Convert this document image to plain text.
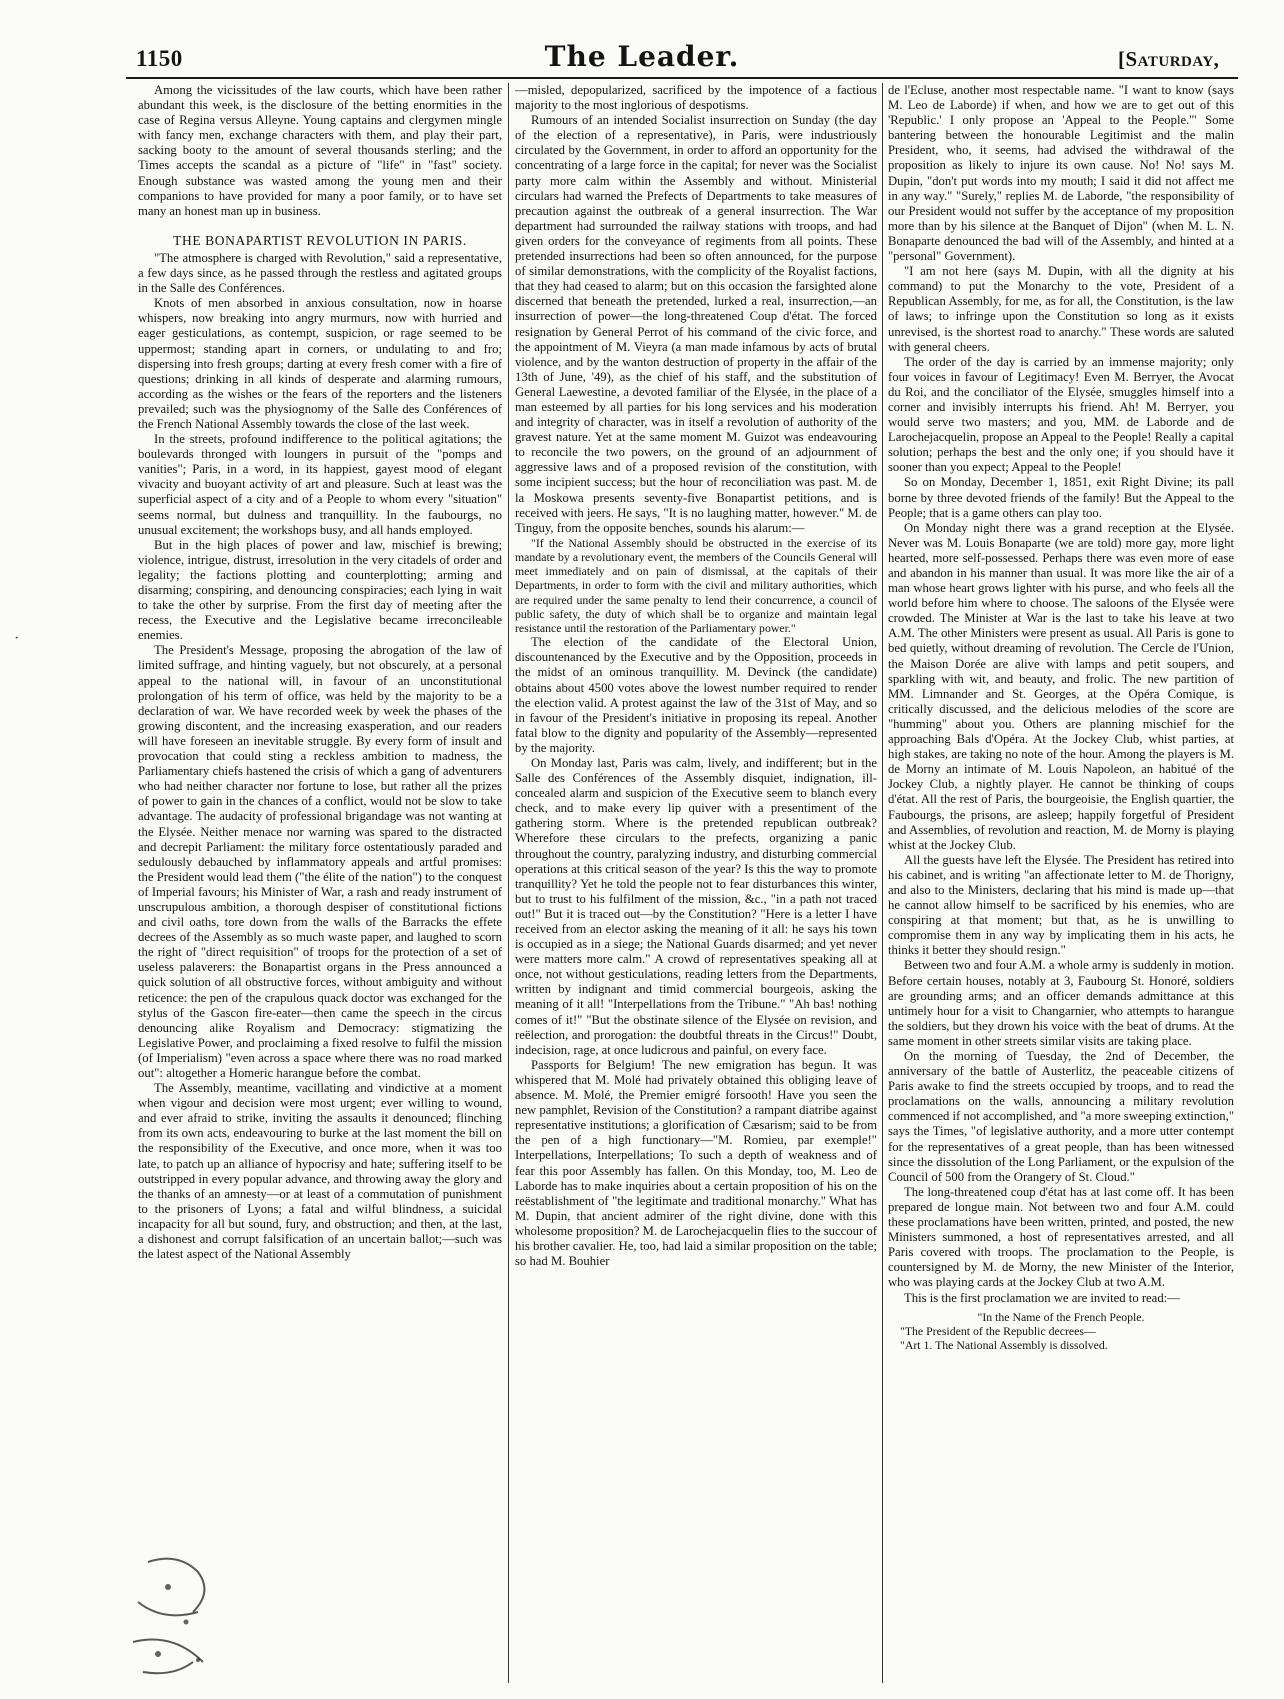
1150	The Leader.	[Saturday,
·

Among the vicissitudes of the law courts, which have been rather abundant this week, is the disclosure of the betting enormities in the case of Regina versus Alleyne. Young captains and clergymen mingle with fancy men, exchange characters with them, and play their part, sacking booty to the amount of several thousands sterling; and the Times accepts the scandal as a picture of "life" in "fast" society. Enough substance was wasted among the young men and their companions to have provided for many a poor family, or to have set many an honest man up in business.

THE BONAPARTIST REVOLUTION IN PARIS.

"The atmosphere is charged with Revolution," said a representative, a few days since, as he passed through the restless and agitated groups in the Salle des Conférences.

Knots of men absorbed in anxious consultation, now in hoarse whispers, now breaking into angry murmurs, now with hurried and eager gesticulations, as contempt, suspicion, or rage seemed to be uppermost; standing apart in corners, or undulating to and fro; dispersing into fresh groups; darting at every fresh comer with a fire of questions; drinking in all kinds of desperate and alarming rumours, according as the wishes or the fears of the reporters and the listeners prevailed; such was the physiognomy of the Salle des Conférences of the French National Assembly towards the close of the last week.

In the streets, profound indifference to the political agitations; the boulevards thronged with loungers in pursuit of the "pomps and vanities"; Paris, in a word, in its happiest, gayest mood of elegant vivacity and buoyant activity of art and pleasure. Such at least was the superficial aspect of a city and of a People to whom every "situation" seems normal, but dulness and tranquillity. In the faubourgs, no unusual excitement; the workshops busy, and all hands employed.

But in the high places of power and law, mischief is brewing; violence, intrigue, distrust, irresolution in the very citadels of order and legality; the factions plotting and counterplotting; arming and disarming; conspiring, and denouncing conspiracies; each lying in wait to take the other by surprise. From the first day of meeting after the recess, the Executive and the Legislative became irreconcileable enemies.

The President's Message, proposing the abrogation of the law of limited suffrage, and hinting vaguely, but not obscurely, at a personal appeal to the national will, in favour of an unconstitutional prolongation of his term of office, was held by the majority to be a declaration of war. We have recorded week by week the phases of the growing discontent, and the increasing exasperation, and our readers will have foreseen an inevitable struggle. By every form of insult and provocation that could sting a reckless ambition to madness, the Parliamentary chiefs hastened the crisis of which a gang of adventurers who had neither character nor fortune to lose, but rather all the prizes of power to gain in the chances of a conflict, would not be slow to take advantage. The audacity of professional brigandage was not wanting at the Elysée. Neither menace nor warning was spared to the distracted and decrepit Parliament: the military force ostentatiously paraded and sedulously debauched by inflammatory appeals and artful promises: the President would lead them ("the élite of the nation") to the conquest of Imperial favours; his Minister of War, a rash and ready instrument of unscrupulous ambition, a thorough despiser of constitutional fictions and civil oaths, tore down from the walls of the Barracks the effete decrees of the Assembly as so much waste paper, and laughed to scorn the right of "direct requisition" of troops for the protection of a set of useless palaverers: the Bonapartist organs in the Press announced a quick solution of all obstructive forces, without ambiguity and without reticence: the pen of the crapulous quack doctor was exchanged for the stylus of the Gascon fire-eater—then came the speech in the circus denouncing alike Royalism and Democracy: stigmatizing the Legislative Power, and proclaiming a fixed resolve to fulfil the mission (of Imperialism) "even across a space where there was no road marked out": altogether a Homeric harangue before the combat.

The Assembly, meantime, vacillating and vindictive at a moment when vigour and decision were most urgent; ever willing to wound, and ever afraid to strike, inviting the assaults it denounced; flinching from its own acts, endeavouring to burke at the last moment the bill on the responsibility of the Executive, and once more, when it was too late, to patch up an alliance of hypocrisy and hate; suffering itself to be outstripped in every popular advance, and throwing away the glory and the thanks of an amnesty—or at least of a commutation of punishment to the prisoners of Lyons; a fatal and wilful blindness, a suicidal incapacity for all but sound, fury, and obstruction; and then, at the last, a dishonest and corrupt falsification of an uncertain ballot;—such was the latest aspect of the National Assembly

—misled, depopularized, sacrificed by the impotence of a factious majority to the most inglorious of despotisms.

Rumours of an intended Socialist insurrection on Sunday (the day of the election of a representative), in Paris, were industriously circulated by the Government, in order to afford an opportunity for the concentrating of a large force in the capital; for never was the Socialist party more calm within the Assembly and without. Ministerial circulars had warned the Prefects of Departments to take measures of precaution against the outbreak of a general insurrection. The War department had surrounded the railway stations with troops, and had given orders for the conveyance of regiments from all points. These pretended insurrections had been so often announced, for the purpose of similar demonstrations, with the complicity of the Royalist factions, that they had ceased to alarm; but on this occasion the farsighted alone discerned that beneath the pretended, lurked a real, insurrection,—an insurrection of power—the long-threatened Coup d'état. The forced resignation by General Perrot of his command of the civic force, and the appointment of M. Vieyra (a man made infamous by acts of brutal violence, and by the wanton destruction of property in the affair of the 13th of June, '49), as the chief of his staff, and the substitution of General Laewestine, a devoted familiar of the Elysée, in the place of a man esteemed by all parties for his long services and his moderation and integrity of character, was in itself a revolution of authority of the gravest nature. Yet at the same moment M. Guizot was endeavouring to reconcile the two powers, on the ground of an adjournment of aggressive laws and of a proposed revision of the constitution, with some incipient success; but the hour of reconciliation was past. M. de la Moskowa presents seventy-five Bonapartist petitions, and is received with jeers. He says, "It is no laughing matter, however." M. de Tinguy, from the opposite benches, sounds his alarum:—

"If the National Assembly should be obstructed in the exercise of its mandate by a revolutionary event, the members of the Councils General will meet immediately and on pain of dismissal, at the capitals of their Departments, in order to form with the civil and military authorities, which are required under the same penalty to lend their concurrence, a council of public safety, the duty of which shall be to organize and maintain legal resistance until the restoration of the Parliamentary power."

The election of the candidate of the Electoral Union, discountenanced by the Executive and by the Opposition, proceeds in the midst of an ominous tranquillity. M. Devinck (the candidate) obtains about 4500 votes above the lowest number required to render the election valid. A protest against the law of the 31st of May, and so in favour of the President's initiative in proposing its repeal. Another fatal blow to the dignity and popularity of the Assembly—represented by the majority.

On Monday last, Paris was calm, lively, and indifferent; but in the Salle des Conférences of the Assembly disquiet, indignation, ill-concealed alarm and suspicion of the Executive seem to blanch every check, and to make every lip quiver with a presentiment of the gathering storm. Where is the pretended republican outbreak? Wherefore these circulars to the prefects, organizing a panic throughout the country, paralyzing industry, and disturbing commercial operations at this critical season of the year? Is this the way to promote tranquillity? Yet he told the people not to fear disturbances this winter, but to trust to his fulfilment of the mission, &c., "in a path not traced out!" But it is traced out—by the Constitution? "Here is a letter I have received from an elector asking the meaning of it all: he says his town is occupied as in a siege; the National Guards disarmed; and yet never were matters more calm." A crowd of representatives speaking all at once, not without gesticulations, reading letters from the Departments, written by indignant and timid commercial bourgeois, asking the meaning of it all! "Interpellations from the Tribune." "Ah bas! nothing comes of it!" "But the obstinate silence of the Elysée on revision, and reëlection, and prorogation: the doubtful threats in the Circus!" Doubt, indecision, rage, at once ludicrous and painful, on every face.

Passports for Belgium! The new emigration has begun. It was whispered that M. Molé had privately obtained this obliging leave of absence. M. Molé, the Premier emigré forsooth! Have you seen the new pamphlet, Revision of the Constitution? a rampant diatribe against representative institutions; a glorification of Cæsarism; said to be from the pen of a high functionary—"M. Romieu, par exemple!" Interpellations, Interpellations; To such a depth of weakness and of fear this poor Assembly has fallen. On this Monday, too, M. Leo de Laborde has to make inquiries about a certain proposition of his on the reëstablishment of "the legitimate and traditional monarchy." What has M. Dupin, that ancient admirer of the right divine, done with this wholesome proposition? M. de Larochejacquelin flies to the succour of his brother cavalier. He, too, had laid a similar proposition on the table; so had M. Bouhier

de l'Ecluse, another most respectable name. "I want to know (says M. Leo de Laborde) if when, and how we are to get out of this 'Republic.' I only propose an 'Appeal to the People.'" Some bantering between the honourable Legitimist and the malin President, who, it seems, had advised the withdrawal of the proposition as likely to injure its own cause. No! No! says M. Dupin, "don't put words into my mouth; I said it did not affect me in any way." "Surely," replies M. de Laborde, "the responsibility of our President would not suffer by the acceptance of my proposition more than by his silence at the Banquet of Dijon" (when M. L. N. Bonaparte denounced the bad will of the Assembly, and hinted at a "personal" Government).

"I am not here (says M. Dupin, with all the dignity at his command) to put the Monarchy to the vote, President of a Republican Assembly, for me, as for all, the Constitution, is the law of laws; to infringe upon the Constitution so long as it exists unrevised, is the shortest road to anarchy." These words are saluted with general cheers.

The order of the day is carried by an immense majority; only four voices in favour of Legitimacy! Even M. Berryer, the Avocat du Roi, and the conciliator of the Elysée, smuggles himself into a corner and invisibly interrupts his friend. Ah! M. Berryer, you would serve two masters; and you, MM. de Laborde and de Larochejacquelin, propose an Appeal to the People! Really a capital solution; perhaps the best and the only one; if you should have it sooner than you expect; Appeal to the People!

So on Monday, December 1, 1851, exit Right Divine; its pall borne by three devoted friends of the family! But the Appeal to the People; that is a game others can play too.

On Monday night there was a grand reception at the Elysée. Never was M. Louis Bonaparte (we are told) more gay, more light hearted, more self-possessed. Perhaps there was even more of ease and abandon in his manner than usual. It was more like the air of a man whose heart grows lighter with his purse, and who feels all the world before him where to choose. The saloons of the Elysée were crowded. The Minister at War is the last to take his leave at two A.M. The other Ministers were present as usual. All Paris is gone to bed quietly, without dreaming of revolution. The Cercle de l'Union, the Maison Dorée are alive with lamps and petit soupers, and sparkling with wit, and beauty, and frolic. The new partition of MM. Limnander and St. Georges, at the Opéra Comique, is critically discussed, and the delicious melodies of the score are "humming" about you. Others are planning mischief for the approaching Bals d'Opéra. At the Jockey Club, whist parties, at high stakes, are taking no note of the hour. Among the players is M. de Morny an intimate of M. Louis Napoleon, an habitué of the Jockey Club, a nightly player. He cannot be thinking of coups d'état. All the rest of Paris, the bourgeoisie, the English quartier, the Faubourgs, the prisons, are asleep; happily forgetful of President and Assemblies, of revolution and reaction, M. de Morny is playing whist at the Jockey Club.

All the guests have left the Elysée. The President has retired into his cabinet, and is writing "an affectionate letter to M. de Thorigny, and also to the Ministers, declaring that his mind is made up—that he cannot allow himself to be sacrificed by his enemies, who are conspiring at that moment; but that, as he is unwilling to compromise them in any way by implicating them in his acts, he thinks it better they should resign."

Between two and four A.M. a whole army is suddenly in motion. Before certain houses, notably at 3, Faubourg St. Honoré, soldiers are grounding arms; and an officer demands admittance at this untimely hour for a visit to Changarnier, who attempts to harangue the soldiers, but they drown his voice with the beat of drums. At the same moment in other streets similar visits are taking place.

On the morning of Tuesday, the 2nd of December, the anniversary of the battle of Austerlitz, the peaceable citizens of Paris awake to find the streets occupied by troops, and to read the proclamations on the walls, announcing a military revolution commenced if not accomplished, and "a more sweeping extinction," says the Times, "of legislative authority, and a more utter contempt for the representatives of a great people, than has been witnessed since the dissolution of the Long Parliament, or the expulsion of the Council of 500 from the Orangery of St. Cloud."

The long-threatened coup d'état has at last come off. It has been prepared de longue main. Not between two and four A.M. could these proclamations have been written, printed, and posted, the new Ministers summoned, a host of representatives arrested, and all Paris covered with troops. The proclamation to the People, is countersigned by M. de Morny, the new Minister of the Interior, who was playing cards at the Jockey Club at two A.M.

This is the first proclamation we are invited to read:—

"In the Name of the French People.

"The President of the Republic decrees—

"Art 1. The National Assembly is dissolved.
